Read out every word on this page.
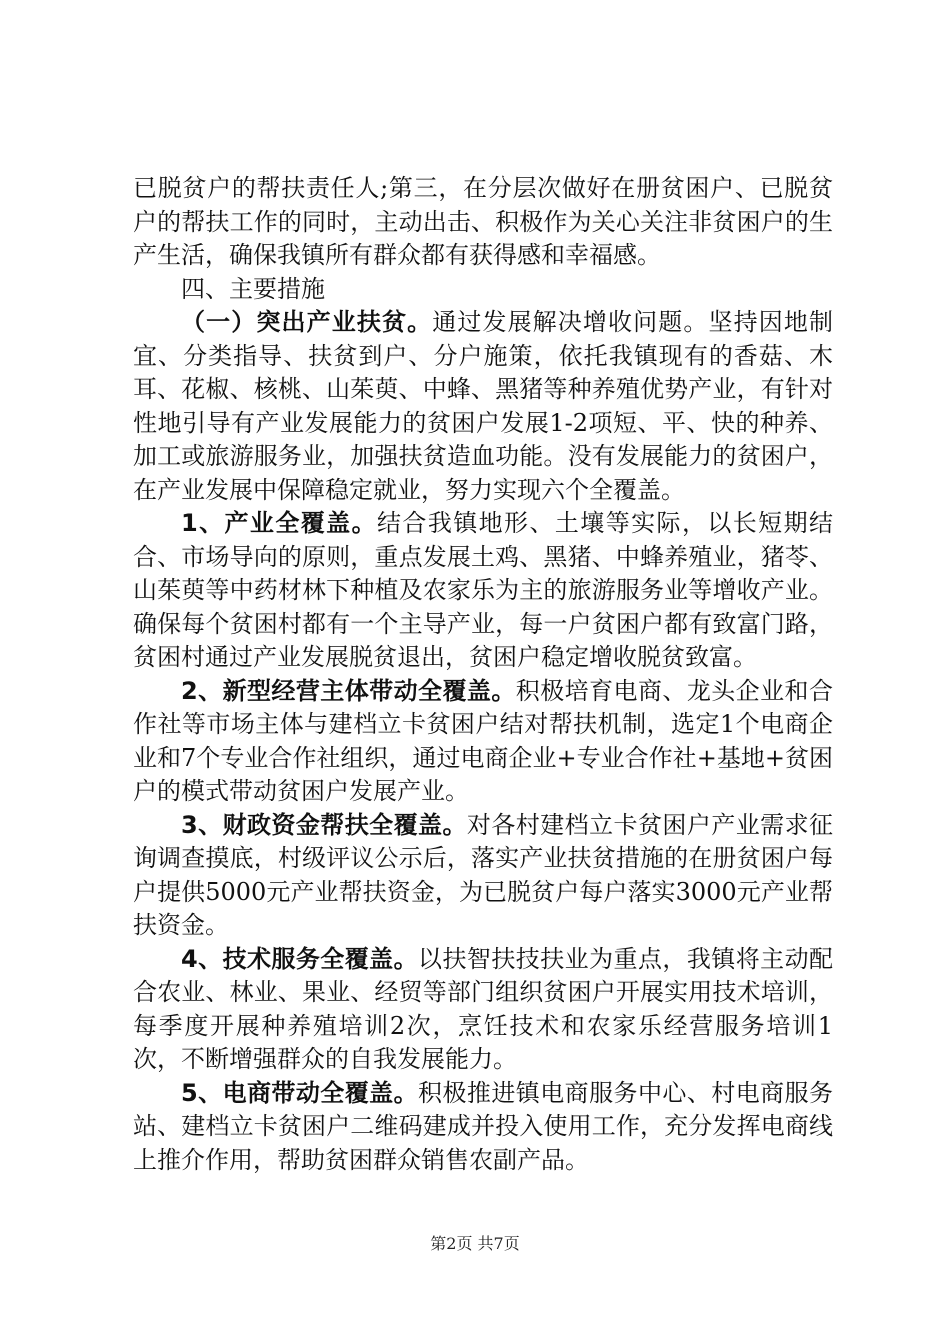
已脱贫户的帮扶责任人;第三，在分层次做好在册贫困户、已脱贫户的帮扶工作的同时，主动出击、积极作为关心关注非贫困户的生产生活，确保我镇所有群众都有获得感和幸福感。

四、主要措施

（一）突出产业扶贫。通过发展解决增收问题。坚持因地制宜、分类指导、扶贫到户、分户施策，依托我镇现有的香菇、木耳、花椒、核桃、山茱萸、中蜂、黑猪等种养殖优势产业，有针对性地引导有产业发展能力的贫困户发展1-2项短、平、快的种养、加工或旅游服务业，加强扶贫造血功能。没有发展能力的贫困户，在产业发展中保障稳定就业，努力实现六个全覆盖。

1、产业全覆盖。结合我镇地形、土壤等实际，以长短期结合、市场导向的原则，重点发展土鸡、黑猪、中蜂养殖业，猪苓、山茱萸等中药材林下种植及农家乐为主的旅游服务业等增收产业。确保每个贫困村都有一个主导产业，每一户贫困户都有致富门路，贫困村通过产业发展脱贫退出，贫困户稳定增收脱贫致富。

2、新型经营主体带动全覆盖。积极培育电商、龙头企业和合作社等市场主体与建档立卡贫困户结对帮扶机制，选定1个电商企业和7个专业合作社组织，通过电商企业+专业合作社+基地+贫困户的模式带动贫困户发展产业。

3、财政资金帮扶全覆盖。对各村建档立卡贫困户产业需求征询调查摸底，村级评议公示后，落实产业扶贫措施的在册贫困户每户提供5000元产业帮扶资金，为已脱贫户每户落实3000元产业帮扶资金。

4、技术服务全覆盖。以扶智扶技扶业为重点，我镇将主动配合农业、林业、果业、经贸等部门组织贫困户开展实用技术培训，每季度开展种养殖培训2次，烹饪技术和农家乐经营服务培训1次，不断增强群众的自我发展能力。

5、电商带动全覆盖。积极推进镇电商服务中心、村电商服务站、建档立卡贫困户二维码建成并投入使用工作，充分发挥电商线上推介作用，帮助贫困群众销售农副产品。

第2页 共7页
